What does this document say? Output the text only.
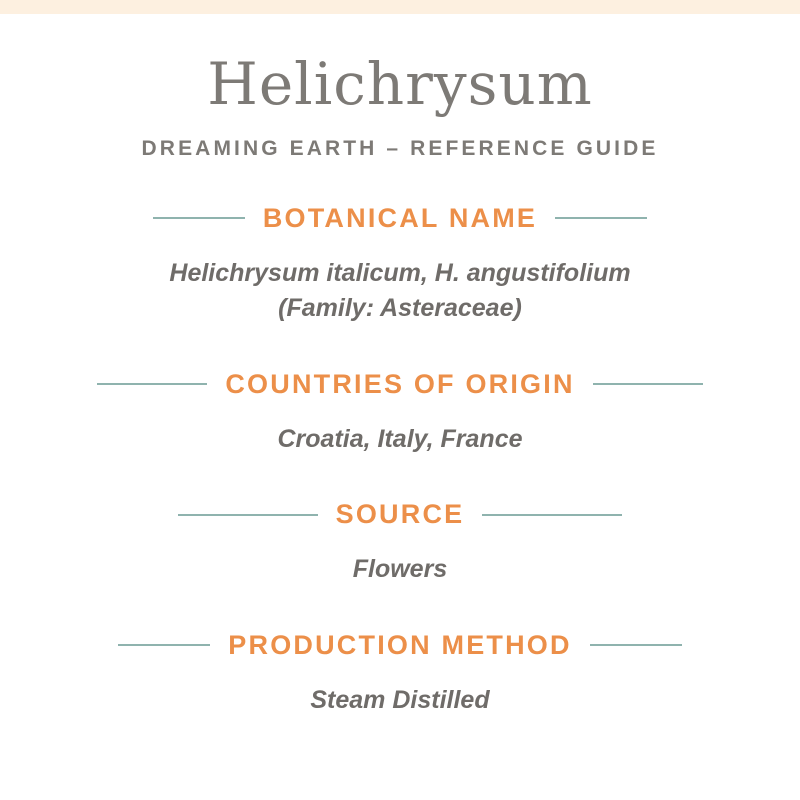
Helichrysum
DREAMING EARTH – REFERENCE GUIDE
BOTANICAL NAME
Helichrysum italicum, H. angustifolium
(Family: Asteraceae)
COUNTRIES OF ORIGIN
Croatia, Italy, France
SOURCE
Flowers
PRODUCTION METHOD
Steam Distilled
